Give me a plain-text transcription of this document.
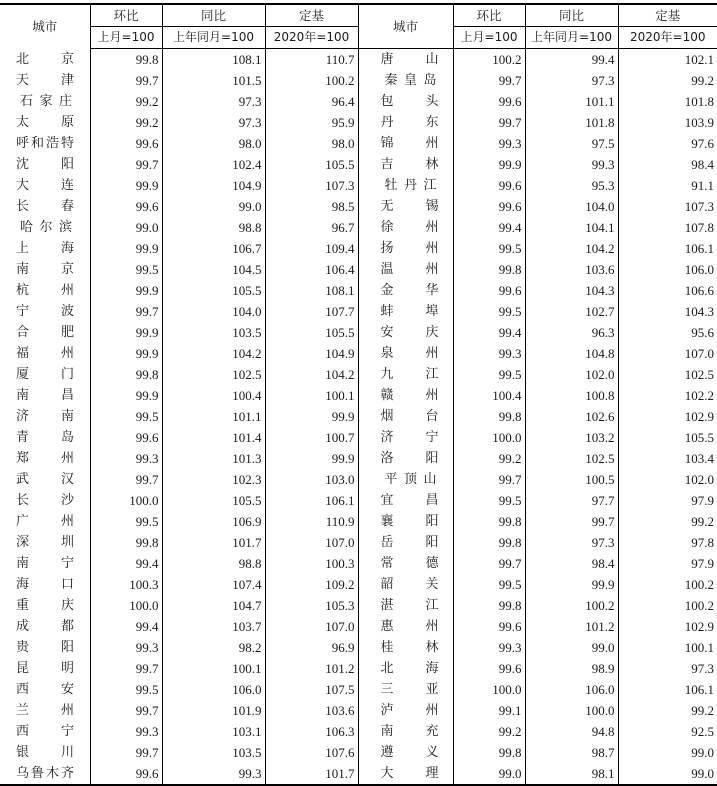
城市	环比	同比	定基	城市	环比	同比	定基
	上月=100	上年同月=100	2020年=100		上月=100	上年同月=100	2020年=100
北京	99.8	108.1	110.7	唐山	100.2	99.4	102.1
天津	99.7	101.5	100.2	秦皇岛	99.7	97.3	99.2
石家庄	99.2	97.3	96.4	包头	99.6	101.1	101.8
太原	99.2	97.3	95.9	丹东	99.7	101.8	103.9
呼和浩特	99.6	98.0	98.0	锦州	99.3	97.5	97.6
沈阳	99.7	102.4	105.5	吉林	99.9	99.3	98.4
大连	99.9	104.9	107.3	牡丹江	99.6	95.3	91.1
长春	99.6	99.0	98.5	无锡	99.6	104.0	107.3
哈尔滨	99.0	98.8	96.7	徐州	99.4	104.1	107.8
上海	99.9	106.7	109.4	扬州	99.5	104.2	106.1
南京	99.5	104.5	106.4	温州	99.8	103.6	106.0
杭州	99.9	105.5	108.1	金华	99.6	104.3	106.6
宁波	99.7	104.0	107.7	蚌埠	99.5	102.7	104.3
合肥	99.9	103.5	105.5	安庆	99.4	96.3	95.6
福州	99.9	104.2	104.9	泉州	99.3	104.8	107.0
厦门	99.8	102.5	104.2	九江	99.5	102.0	102.5
南昌	99.9	100.4	100.1	赣州	100.4	100.8	102.2
济南	99.5	101.1	99.9	烟台	99.8	102.6	102.9
青岛	99.6	101.4	100.7	济宁	100.0	103.2	105.5
郑州	99.3	101.3	99.9	洛阳	99.2	102.5	103.4
武汉	99.7	102.3	103.0	平顶山	99.7	100.5	102.0
长沙	100.0	105.5	106.1	宜昌	99.5	97.7	97.9
广州	99.5	106.9	110.9	襄阳	99.8	99.7	99.2
深圳	99.8	101.7	107.0	岳阳	99.8	97.3	97.8
南宁	99.4	98.8	100.3	常德	99.7	98.4	97.9
海口	100.3	107.4	109.2	韶关	99.5	99.9	100.2
重庆	100.0	104.7	105.3	湛江	99.8	100.2	100.2
成都	99.4	103.7	107.0	惠州	99.6	101.2	102.9
贵阳	99.3	98.2	96.9	桂林	99.3	99.0	100.1
昆明	99.7	100.1	101.2	北海	99.6	98.9	97.3
西安	99.5	106.0	107.5	三亚	100.0	106.0	106.1
兰州	99.7	101.9	103.6	泸州	99.1	100.0	99.2
西宁	99.3	103.1	106.3	南充	99.2	94.8	92.5
银川	99.7	103.5	107.6	遵义	99.8	98.7	99.0
乌鲁木齐	99.6	99.3	101.7	大理	99.0	98.1	99.0
